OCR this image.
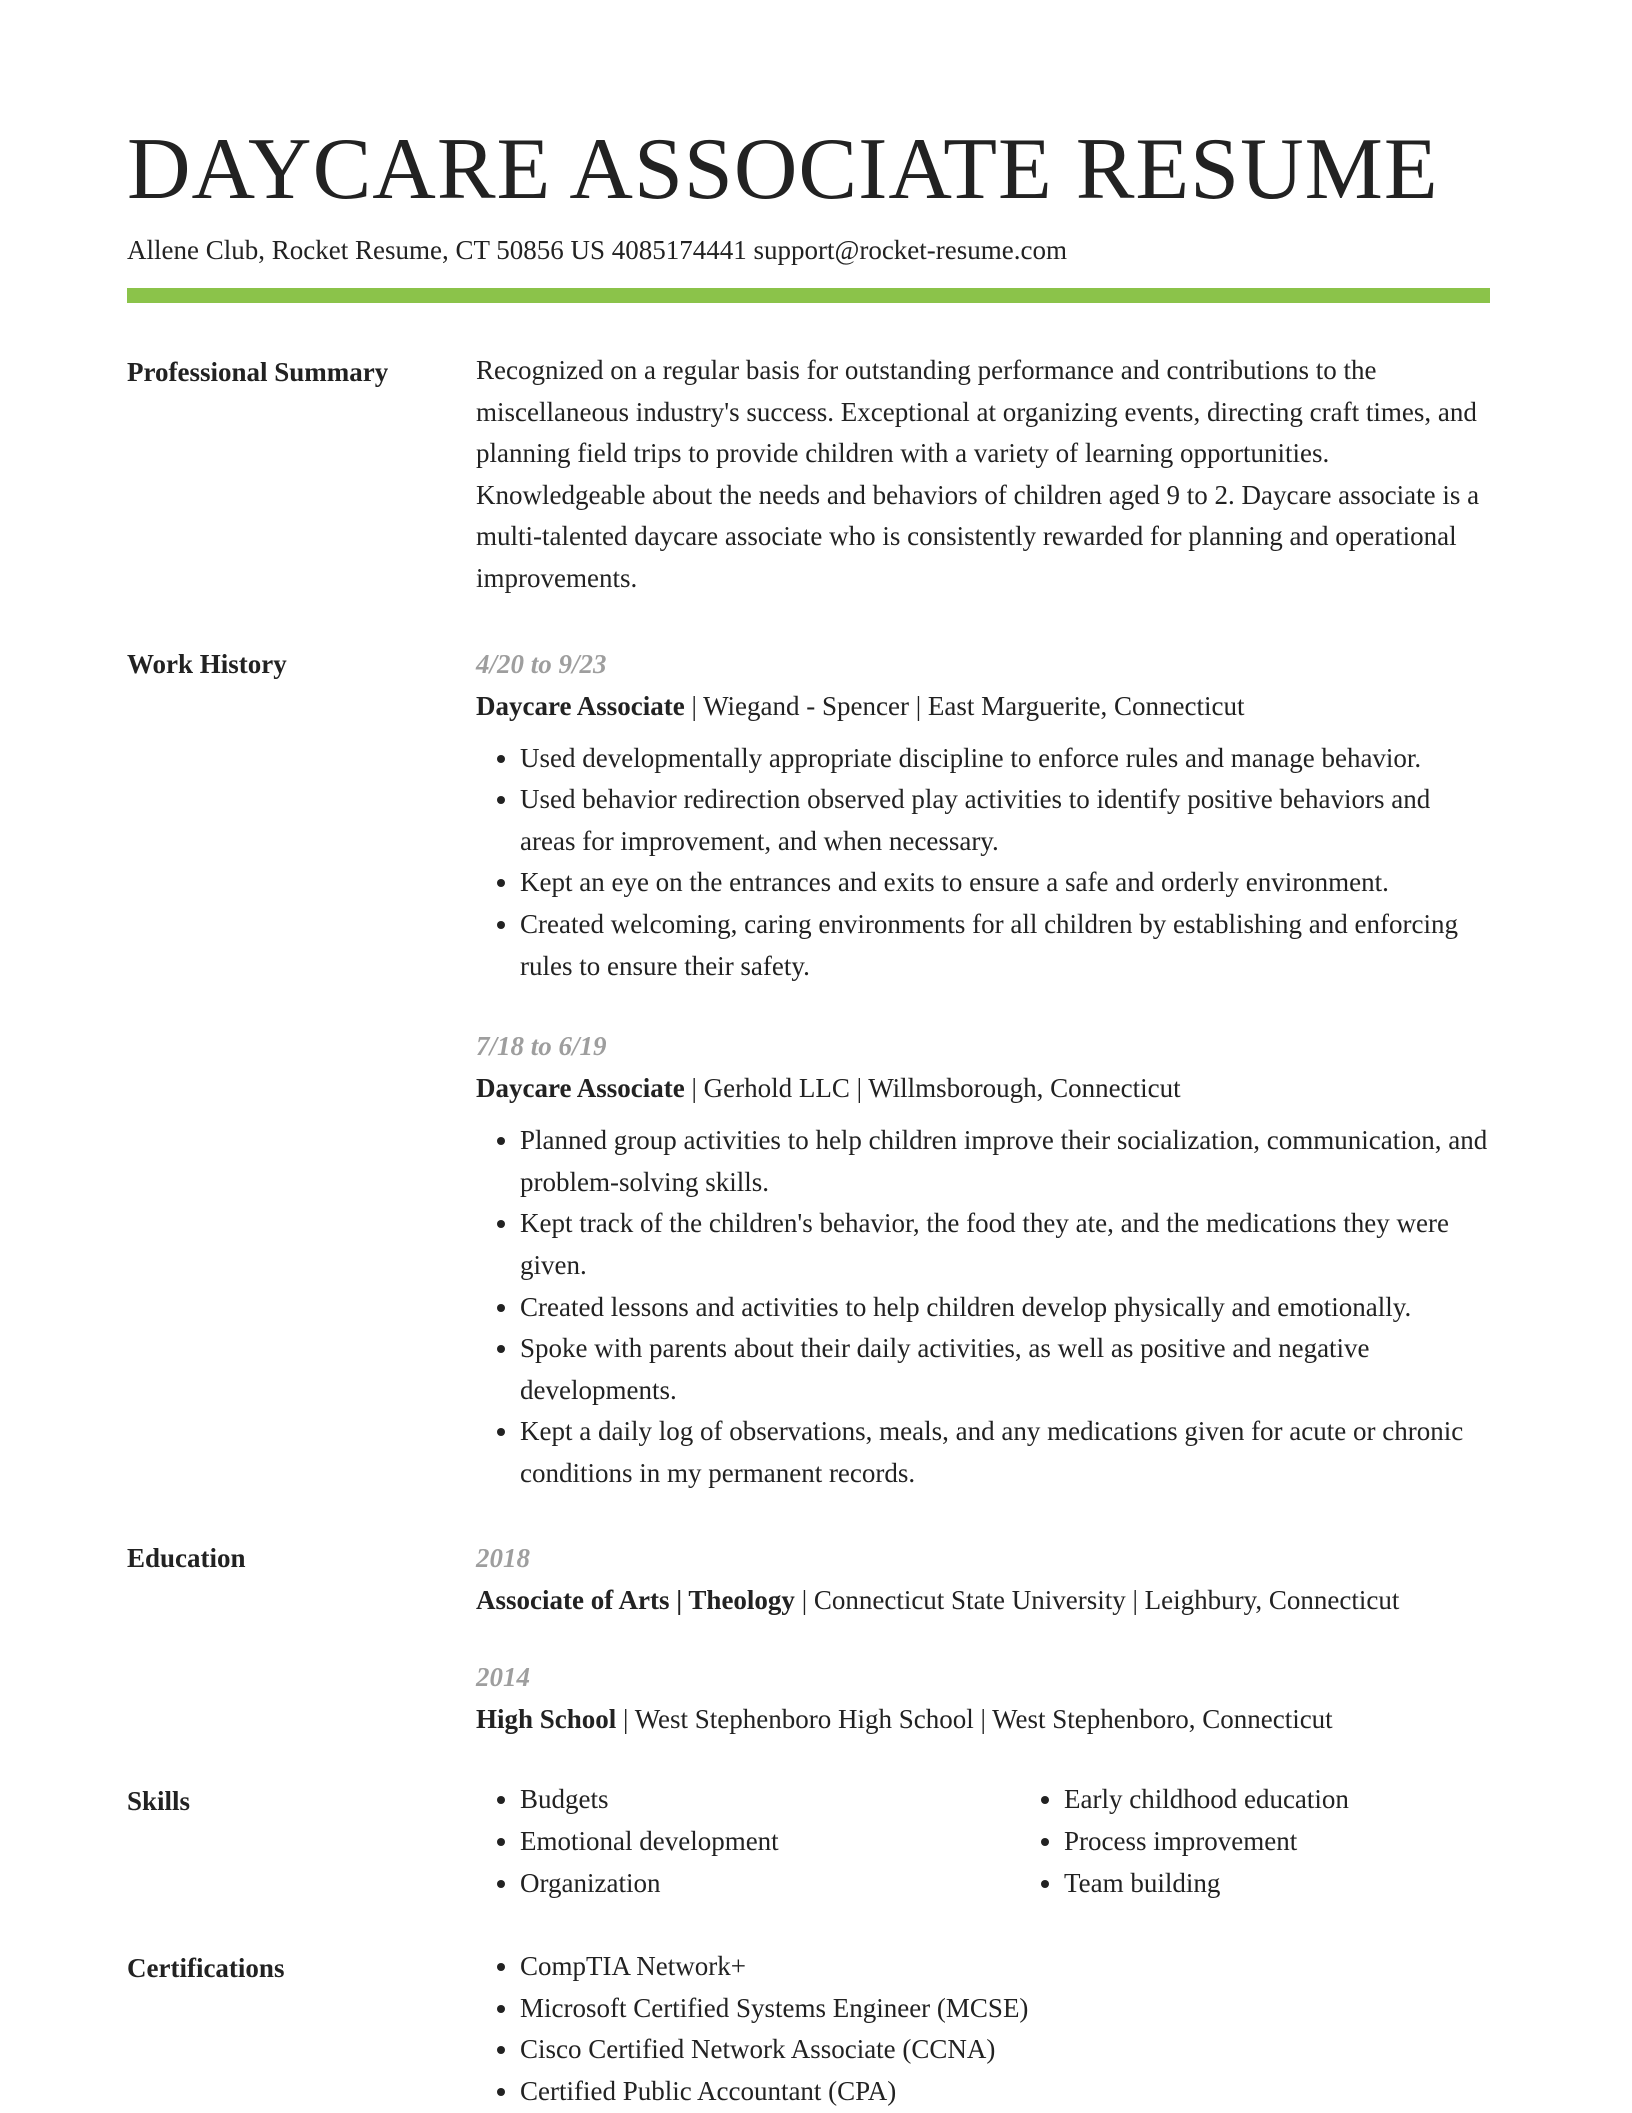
DAYCARE ASSOCIATE RESUME
Allene Club, Rocket Resume, CT 50856 US 4085174441 support@rocket-resume.com
Professional Summary	Recognized on a regular basis for outstanding performance and contributions to the miscellaneous industry's success. Exceptional at organizing events, directing craft times, and planning field trips to provide children with a variety of learning opportunities. Knowledgeable about the needs and behaviors of children aged 9 to 2. Daycare associate is a multi-talented daycare associate who is consistently rewarded for planning and operational improvements.

Work History	4/20 to 9/23
Daycare Associate | Wiegand - Spencer | East Marguerite, Connecticut
• Used developmentally appropriate discipline to enforce rules and manage behavior.
• Used behavior redirection observed play activities to identify positive behaviors and areas for improvement, and when necessary.
• Kept an eye on the entrances and exits to ensure a safe and orderly environment.
• Created welcoming, caring environments for all children by establishing and enforcing rules to ensure their safety.
7/18 to 6/19
Daycare Associate | Gerhold LLC | Willmsborough, Connecticut
• Planned group activities to help children improve their socialization, communication, and problem-solving skills.
• Kept track of the children's behavior, the food they ate, and the medications they were given.
• Created lessons and activities to help children develop physically and emotionally.
• Spoke with parents about their daily activities, as well as positive and negative developments.
• Kept a daily log of observations, meals, and any medications given for acute or chronic conditions in my permanent records.
Education	2018
Associate of Arts | Theology | Connecticut State University | Leighbury, Connecticut
2014
High School | West Stephenboro High School | West Stephenboro, Connecticut
Skills	• Budgets
• Emotional development
• Organization
• Early childhood education
• Process improvement
• Team building
Certifications	• CompTIA Network+
• Microsoft Certified Systems Engineer (MCSE)
• Cisco Certified Network Associate (CCNA)
• Certified Public Accountant (CPA)
